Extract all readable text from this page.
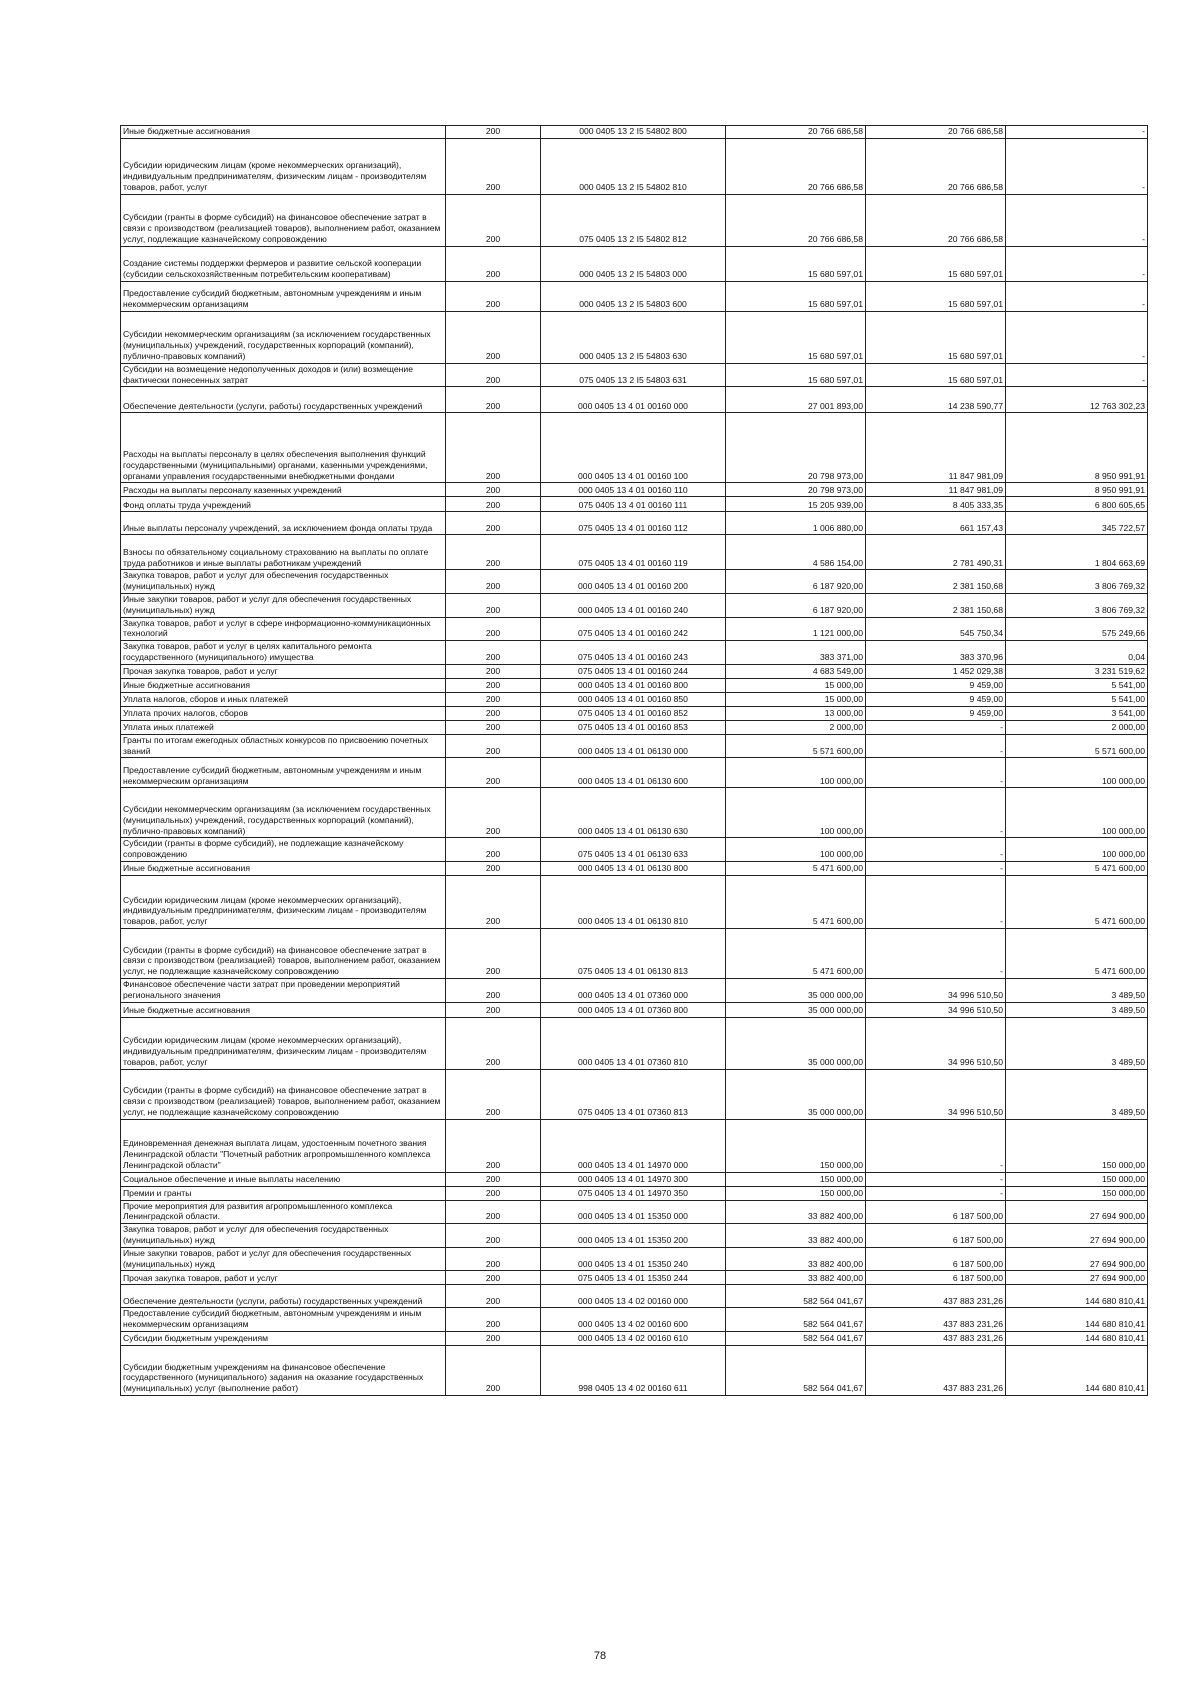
Иные бюджетные ассигнования	200	000 0405 13 2 I5 54802 800	20 766 686,58	20 766 686,58	-
Субсидии юридическим лицам (кроме некоммерческих организаций), индивидуальным предпринимателям, физическим лицам - производителям товаров, работ, услуг	200	000 0405 13 2 I5 54802 810	20 766 686,58	20 766 686,58	-
Субсидии (гранты в форме субсидий) на финансовое обеспечение затрат в связи с производством (реализацией товаров), выполнением работ, оказанием услуг, подлежащие казначейскому сопровождению	200	075 0405 13 2 I5 54802 812	20 766 686,58	20 766 686,58	-
Создание системы поддержки фермеров и развитие сельской кооперации (субсидии сельскохозяйственным потребительским кооперативам)	200	000 0405 13 2 I5 54803 000	15 680 597,01	15 680 597,01	-
Предоставление субсидий бюджетным, автономным учреждениям и иным некоммерческим организациям	200	000 0405 13 2 I5 54803 600	15 680 597,01	15 680 597,01	-
Субсидии некоммерческим организациям (за исключением государственных (муниципальных) учреждений, государственных корпораций (компаний), публично-правовых компаний)	200	000 0405 13 2 I5 54803 630	15 680 597,01	15 680 597,01	-
Субсидии на возмещение недополученных доходов и (или) возмещение фактически понесенных затрат	200	075 0405 13 2 I5 54803 631	15 680 597,01	15 680 597,01	-
Обеспечение деятельности (услуги, работы) государственных учреждений	200	000 0405 13 4 01 00160 000	27 001 893,00	14 238 590,77	12 763 302,23
Расходы на выплаты персоналу в целях обеспечения выполнения функций государственными (муниципальными) органами, казенными учреждениями, органами управления государственными внебюджетными фондами	200	000 0405 13 4 01 00160 100	20 798 973,00	11 847 981,09	8 950 991,91
Расходы на выплаты персоналу казенных учреждений	200	000 0405 13 4 01 00160 110	20 798 973,00	11 847 981,09	8 950 991,91
Фонд оплаты труда учреждений	200	075 0405 13 4 01 00160 111	15 205 939,00	8 405 333,35	6 800 605,65
Иные выплаты персоналу учреждений, за исключением фонда оплаты труда	200	075 0405 13 4 01 00160 112	1 006 880,00	661 157,43	345 722,57
Взносы по обязательному социальному страхованию на выплаты по оплате труда работников и иные выплаты работникам учреждений	200	075 0405 13 4 01 00160 119	4 586 154,00	2 781 490,31	1 804 663,69
Закупка товаров, работ и услуг для обеспечения государственных (муниципальных) нужд	200	000 0405 13 4 01 00160 200	6 187 920,00	2 381 150,68	3 806 769,32
Иные закупки товаров, работ и услуг для обеспечения государственных (муниципальных) нужд	200	000 0405 13 4 01 00160 240	6 187 920,00	2 381 150,68	3 806 769,32
Закупка товаров, работ и услуг в сфере информационно-коммуникационных технологий	200	075 0405 13 4 01 00160 242	1 121 000,00	545 750,34	575 249,66
Закупка товаров, работ и услуг в целях капитального ремонта государственного (муниципального) имущества	200	075 0405 13 4 01 00160 243	383 371,00	383 370,96	0,04
Прочая закупка товаров, работ и услуг	200	075 0405 13 4 01 00160 244	4 683 549,00	1 452 029,38	3 231 519,62
Иные бюджетные ассигнования	200	000 0405 13 4 01 00160 800	15 000,00	9 459,00	5 541,00
Уплата налогов, сборов и иных платежей	200	000 0405 13 4 01 00160 850	15 000,00	9 459,00	5 541,00
Уплата прочих налогов, сборов	200	075 0405 13 4 01 00160 852	13 000,00	9 459,00	3 541,00
Уплата иных платежей	200	075 0405 13 4 01 00160 853	2 000,00	-	2 000,00
Гранты по итогам ежегодных областных конкурсов по присвоению почетных званий	200	000 0405 13 4 01 06130 000	5 571 600,00	-	5 571 600,00
Предоставление субсидий бюджетным, автономным учреждениям и иным некоммерческим организациям	200	000 0405 13 4 01 06130 600	100 000,00	-	100 000,00
Субсидии некоммерческим организациям (за исключением государственных (муниципальных) учреждений, государственных корпораций (компаний), публично-правовых компаний)	200	000 0405 13 4 01 06130 630	100 000,00	-	100 000,00
Субсидии (гранты в форме субсидий), не подлежащие казначейскому сопровождению	200	075 0405 13 4 01 06130 633	100 000,00	-	100 000,00
Иные бюджетные ассигнования	200	000 0405 13 4 01 06130 800	5 471 600,00	-	5 471 600,00
Субсидии юридическим лицам (кроме некоммерческих организаций), индивидуальным предпринимателям, физическим лицам - производителям товаров, работ, услуг	200	000 0405 13 4 01 06130 810	5 471 600,00	-	5 471 600,00
Субсидии (гранты в форме субсидий) на финансовое обеспечение затрат в связи с производством (реализацией) товаров, выполнением работ, оказанием услуг, не подлежащие казначейскому сопровождению	200	075 0405 13 4 01 06130 813	5 471 600,00	-	5 471 600,00
Финансовое обеспечение части затрат при проведении мероприятий регионального значения	200	000 0405 13 4 01 07360 000	35 000 000,00	34 996 510,50	3 489,50
Иные бюджетные ассигнования	200	000 0405 13 4 01 07360 800	35 000 000,00	34 996 510,50	3 489,50
Субсидии юридическим лицам (кроме некоммерческих организаций), индивидуальным предпринимателям, физическим лицам - производителям товаров, работ, услуг	200	000 0405 13 4 01 07360 810	35 000 000,00	34 996 510,50	3 489,50
Субсидии (гранты в форме субсидий) на финансовое обеспечение затрат в связи с производством (реализацией) товаров, выполнением работ, оказанием услуг, не подлежащие казначейскому сопровождению	200	075 0405 13 4 01 07360 813	35 000 000,00	34 996 510,50	3 489,50
Единовременная денежная выплата лицам, удостоенным почетного звания Ленинградской области "Почетный работник агропромышленного комплекса Ленинградской области"	200	000 0405 13 4 01 14970 000	150 000,00	-	150 000,00
Социальное обеспечение и иные выплаты населению	200	000 0405 13 4 01 14970 300	150 000,00	-	150 000,00
Премии и гранты	200	075 0405 13 4 01 14970 350	150 000,00	-	150 000,00
Прочие мероприятия для развития агропромышленного комплекса Ленинградской области.	200	000 0405 13 4 01 15350 000	33 882 400,00	6 187 500,00	27 694 900,00
Закупка товаров, работ и услуг для обеспечения государственных (муниципальных) нужд	200	000 0405 13 4 01 15350 200	33 882 400,00	6 187 500,00	27 694 900,00
Иные закупки товаров, работ и услуг для обеспечения государственных (муниципальных) нужд	200	000 0405 13 4 01 15350 240	33 882 400,00	6 187 500,00	27 694 900,00
Прочая закупка товаров, работ и услуг	200	075 0405 13 4 01 15350 244	33 882 400,00	6 187 500,00	27 694 900,00
Обеспечение деятельности (услуги, работы) государственных учреждений	200	000 0405 13 4 02 00160 000	582 564 041,67	437 883 231,26	144 680 810,41
Предоставление субсидий бюджетным, автономным учреждениям и иным некоммерческим организациям	200	000 0405 13 4 02 00160 600	582 564 041,67	437 883 231,26	144 680 810,41
Субсидии бюджетным учреждениям	200	000 0405 13 4 02 00160 610	582 564 041,67	437 883 231,26	144 680 810,41
Субсидии бюджетным учреждениям на финансовое обеспечение государственного (муниципального) задания на оказание государственных (муниципальных) услуг (выполнение работ)	200	998 0405 13 4 02 00160 611	582 564 041,67	437 883 231,26	144 680 810,41
78
